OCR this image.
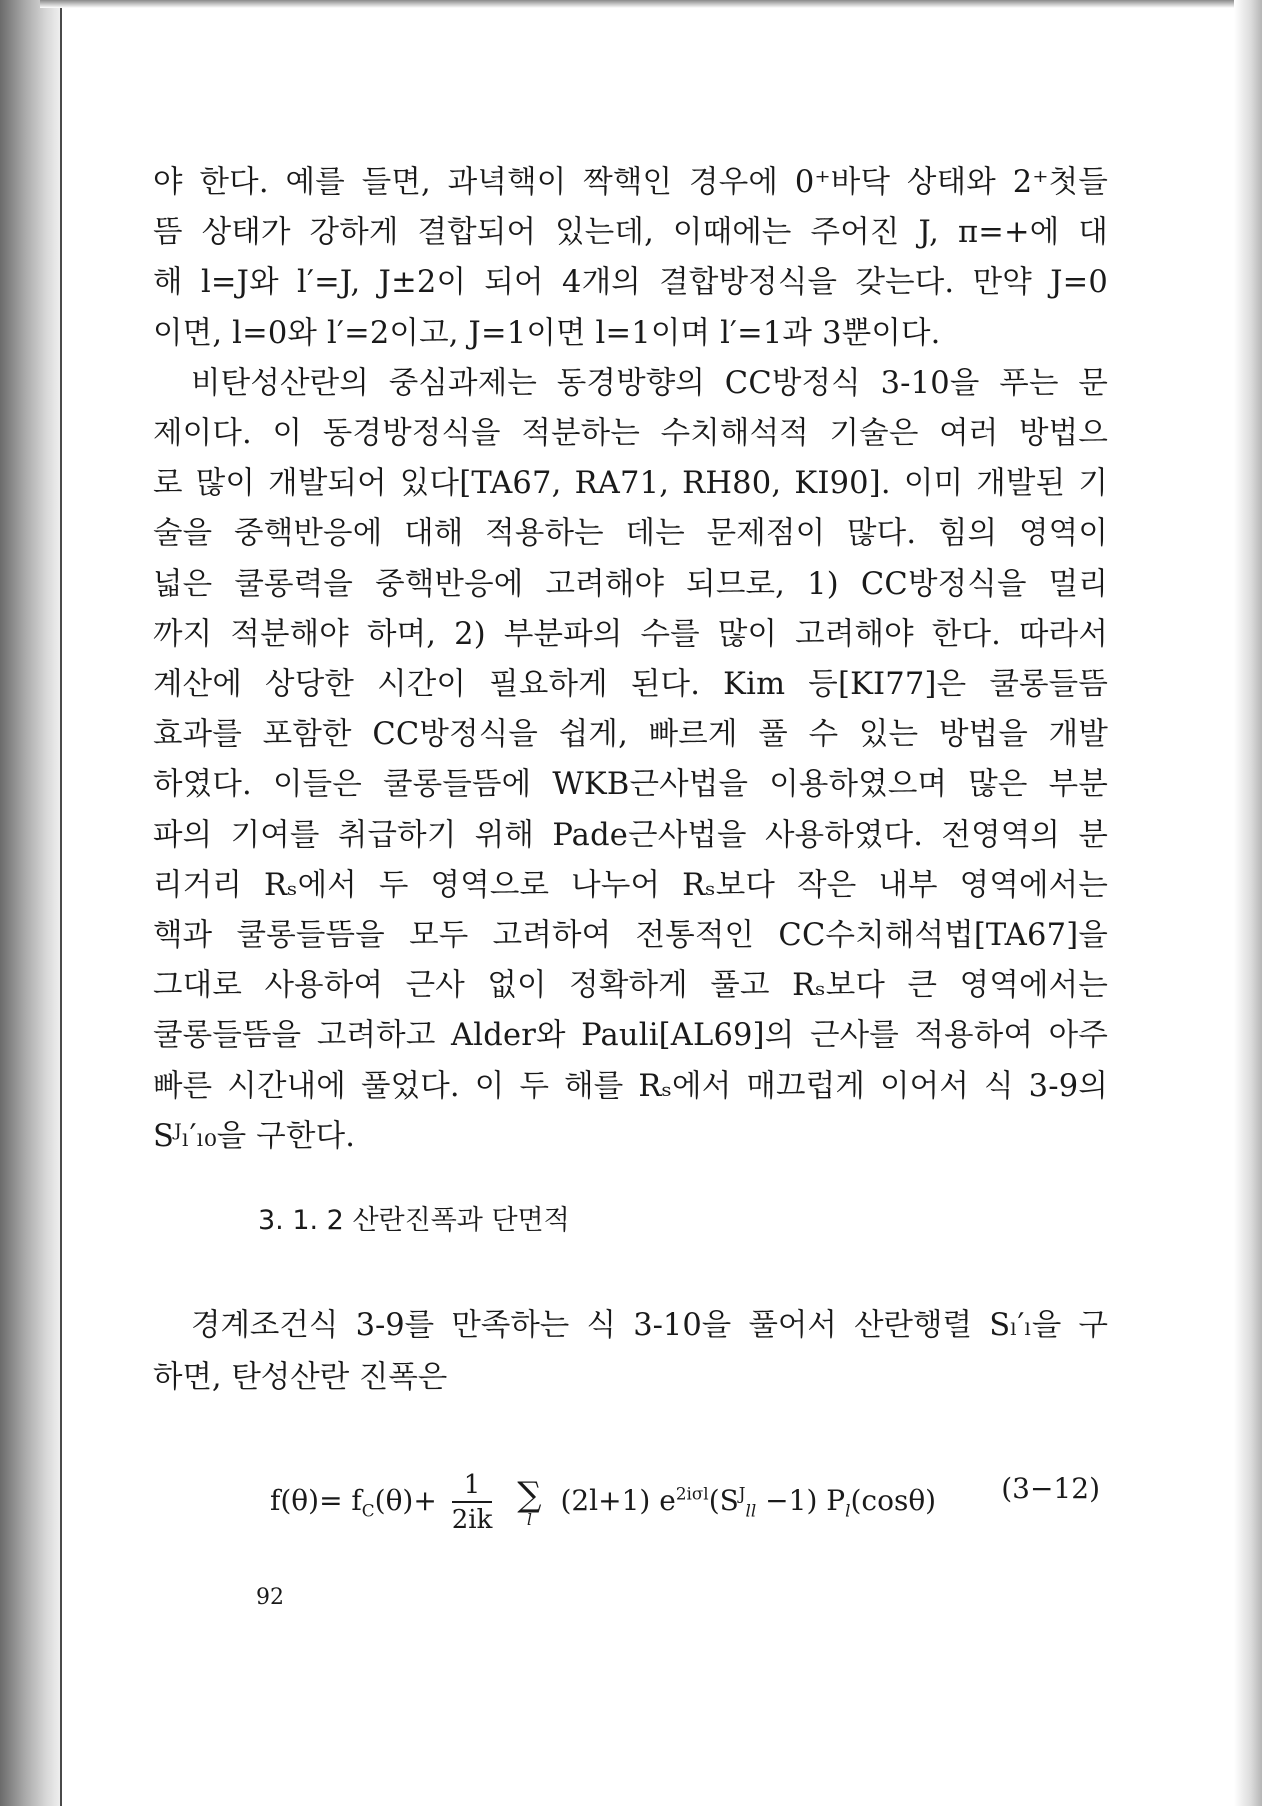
야 한다. 예를 들면, 과녁핵이 짝핵인 경우에 0⁺바닥 상태와 2⁺첫들
뜸 상태가 강하게 결합되어 있는데, 이때에는 주어진 J, π=+에 대
해 l=J와 l′=J, J±2이 되어 4개의 결합방정식을 갖는다. 만약 J=0
이면, l=0와 l′=2이고, J=1이면 l=1이며 l′=1과 3뿐이다.
비탄성산란의 중심과제는 동경방향의 CC방정식 3-10을 푸는 문
제이다. 이 동경방정식을 적분하는 수치해석적 기술은 여러 방법으
로 많이 개발되어 있다[TA67, RA71, RH80, KI90]. 이미 개발된 기
술을 중핵반응에 대해 적용하는 데는 문제점이 많다. 힘의 영역이
넓은 쿨롱력을 중핵반응에 고려해야 되므로, 1) CC방정식을 멀리
까지 적분해야 하며, 2) 부분파의 수를 많이 고려해야 한다. 따라서
계산에 상당한 시간이 필요하게 된다. Kim 등[KI77]은 쿨롱들뜸
효과를 포함한 CC방정식을 쉽게, 빠르게 풀 수 있는 방법을 개발
하였다. 이들은 쿨롱들뜸에 WKB근사법을 이용하였으며 많은 부분
파의 기여를 취급하기 위해 Pade근사법을 사용하였다. 전영역의 분
리거리 Rₛ에서 두 영역으로 나누어 Rₛ보다 작은 내부 영역에서는
핵과 쿨롱들뜸을 모두 고려하여 전통적인 CC수치해석법[TA67]을
그대로 사용하여 근사 없이 정확하게 풀고 Rₛ보다 큰 영역에서는
쿨롱들뜸을 고려하고 Alder와 Pauli[AL69]의 근사를 적용하여 아주
빠른 시간내에 풀었다. 이 두 해를 Rₛ에서 매끄럽게 이어서 식 3-9의
Sᴶₗ′ₗ₀을 구한다.
3. 1. 2 산란진폭과 단면적
경계조건식 3-9를 만족하는 식 3-10을 풀어서 산란행렬 Sₗ′ₗ을 구
하면, 탄성산란 진폭은
$f(\theta)= f_C(\theta)+ \frac{1}{2ik}$
∑
l
(2l+1) $e^{2i\sigma l}(S^J_{ll} -1)$ $P_l(\cos\theta)$ (3−12)
92
